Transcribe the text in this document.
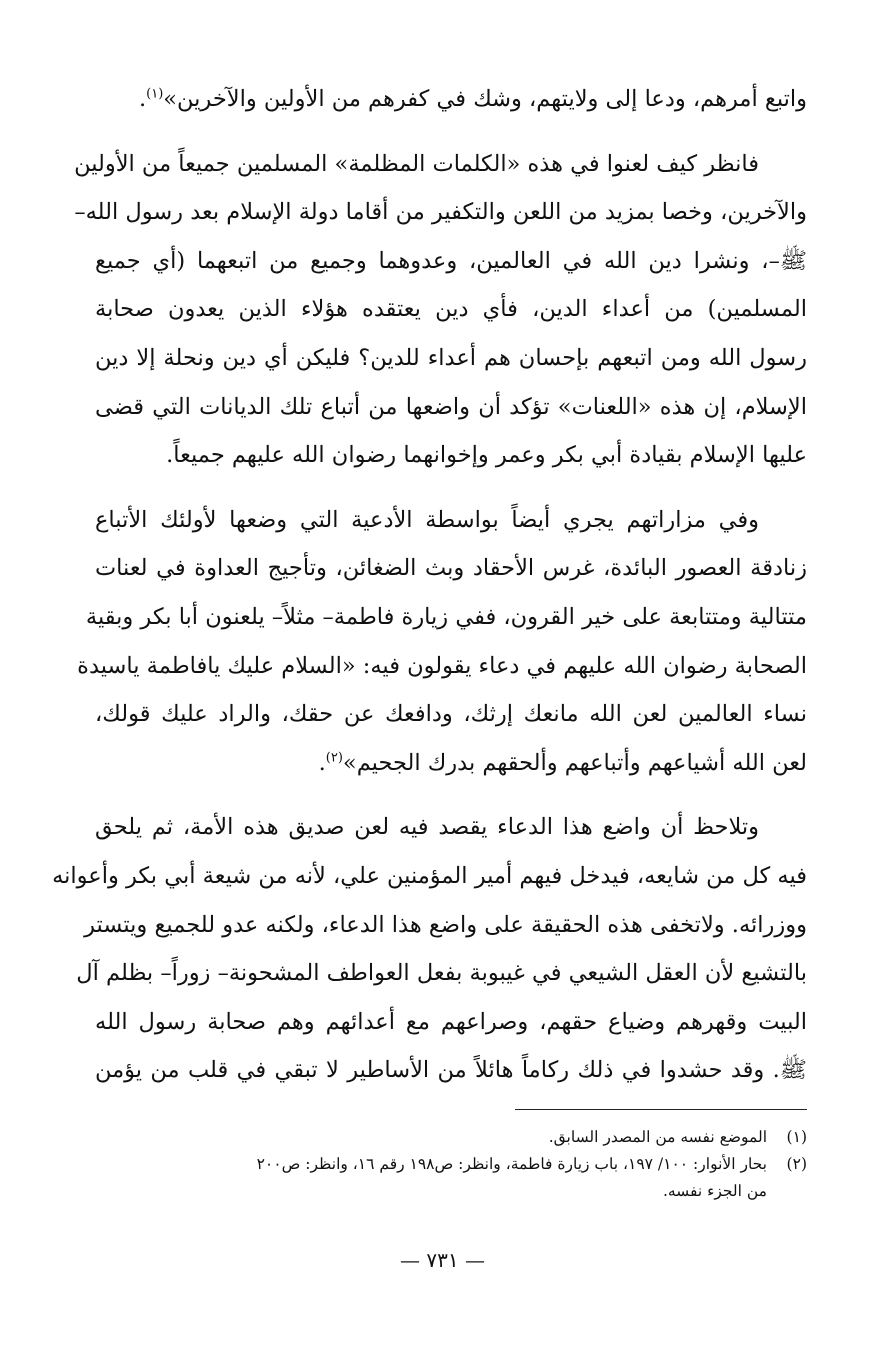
واتبع أمرهم، ودعا إلى ولايتهم، وشك في كفرهم من الأولين والآخرين»$^{(١)}$.

فانظر كيف لعنوا في هذه «الكلمات المظلمة» المسلمين جميعاً من الأولين
والآخرين، وخصا بمزيد من اللعن والتكفير من أقاما دولة الإسلام بعد رسول الله–
ﷺ–، ونشرا دين الله في العالمين، وعدوهما وجميع من اتبعهما (أي جميع
المسلمين) من أعداء الدين، فأي دين يعتقده هؤلاء الذين يعدون صحابة
رسول الله ومن اتبعهم بإحسان هم أعداء للدين؟ فليكن أي دين ونحلة إلا دين
الإسلام، إن هذه «اللعنات» تؤكد أن واضعها من أتباع تلك الديانات التي قضى
عليها الإسلام بقيادة أبي بكر وعمر وإخوانهما رضوان الله عليهم جميعاً.

وفي مزاراتهم يجري أيضاً بواسطة الأدعية التي وضعها لأولئك الأتباع
زنادقة العصور البائدة، غرس الأحقاد وبث الضغائن، وتأجيج العداوة في لعنات
متتالية ومتتابعة على خير القرون، ففي زيارة فاطمة– مثلاً– يلعنون أبا بكر وبقية
الصحابة رضوان الله عليهم في دعاء يقولون فيه: «السلام عليك يافاطمة ياسيدة
نساء العالمين لعن الله مانعك إرثك، ودافعك عن حقك، والراد عليك قولك،
لعن الله أشياعهم وأتباعهم وألحقهم بدرك الجحيم»$^{(٢)}$.

وتلاحظ أن واضع هذا الدعاء يقصد فيه لعن صديق هذه الأمة، ثم يلحق
فيه كل من شايعه، فيدخل فيهم أمير المؤمنين علي، لأنه من شيعة أبي بكر وأعوانه
ووزرائه. ولاتخفى هذه الحقيقة على واضع هذا الدعاء، ولكنه عدو للجميع ويتستر
بالتشيع لأن العقل الشيعي في غيبوبة بفعل العواطف المشحونة– زوراً– بظلم آل
البيت وقهرهم وضياع حقهم، وصراعهم مع أعدائهم وهم صحابة رسول الله
ﷺ. وقد حشدوا في ذلك ركاماً هائلاً من الأساطير لا تبقي في قلب من يؤمن

(١)
الموضع نفسه من المصدر السابق.
(٢)
بحار الأنوار: ١٠٠/ ١٩٧، باب زيارة فاطمة، وانظر: ص١٩٨ رقم ١٦، وانظر: ص٢٠٠
من الجزء نفسه.
— ٧٣١ —
